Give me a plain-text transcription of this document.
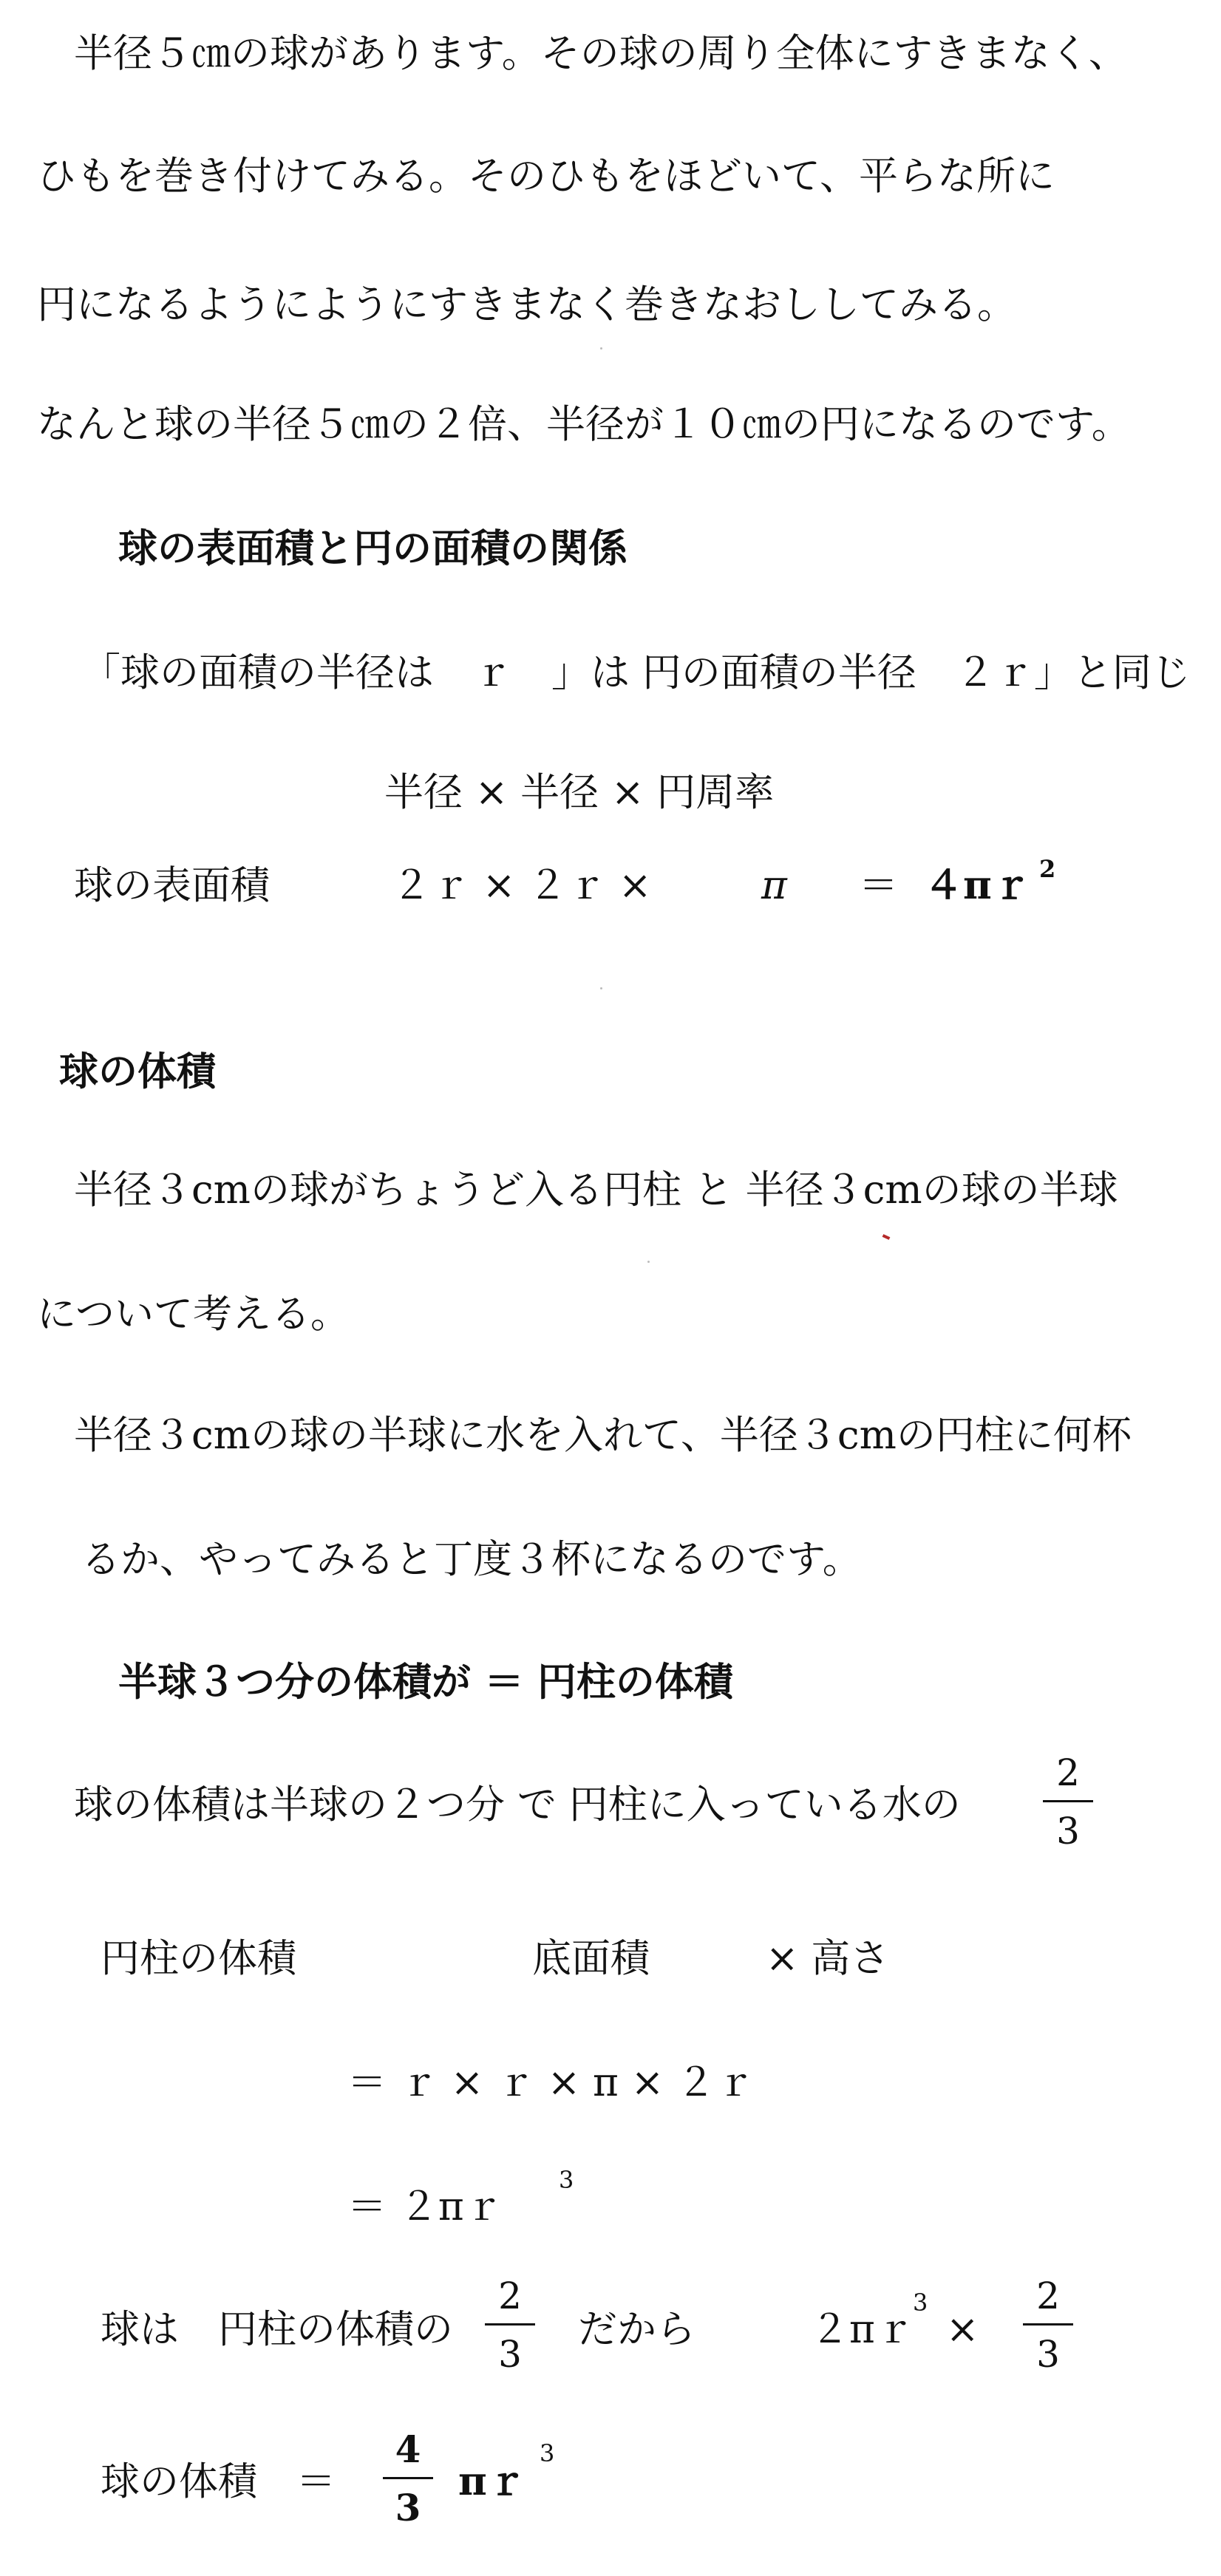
半径５㎝の球があります。その球の周り全体にすきまなく、
ひもを巻き付けてみる。そのひもをほどいて、平らな所に
円になるようにようにすきまなく巻きなおししてみる。
なんと球の半径５㎝の２倍、半径が１０㎝の円になるのです。
球の表面積と円の面積の関係
「球の面積の半径は　ｒ　」は 円の面積の半径　２ｒ」と同じ
半径 × 半径 × 円周率
球の表面積	２ｒ × ２ｒ ×	π ＝ ４πｒ 2
球の体積
半径３cmの球がちょうど入る円柱 と 半径３cmの球の半球
について考える。
半径３cmの球の半球に水を入れて、半径３cmの円柱に何杯
るか、やってみると丁度３杯になるのです。
半球３つ分の体積が ＝ 円柱の体積
球の体積は半球の２つ分 で 円柱に入っている水の
2
3
円柱の体積	底面積	× 高さ
＝ ｒ × ｒ × π × ２ｒ
＝ ２πｒ
3
球は　円柱の体積の
2
3
だから	２πｒ
3
×
2
3
球の体積　＝
4
3
πｒ
3
